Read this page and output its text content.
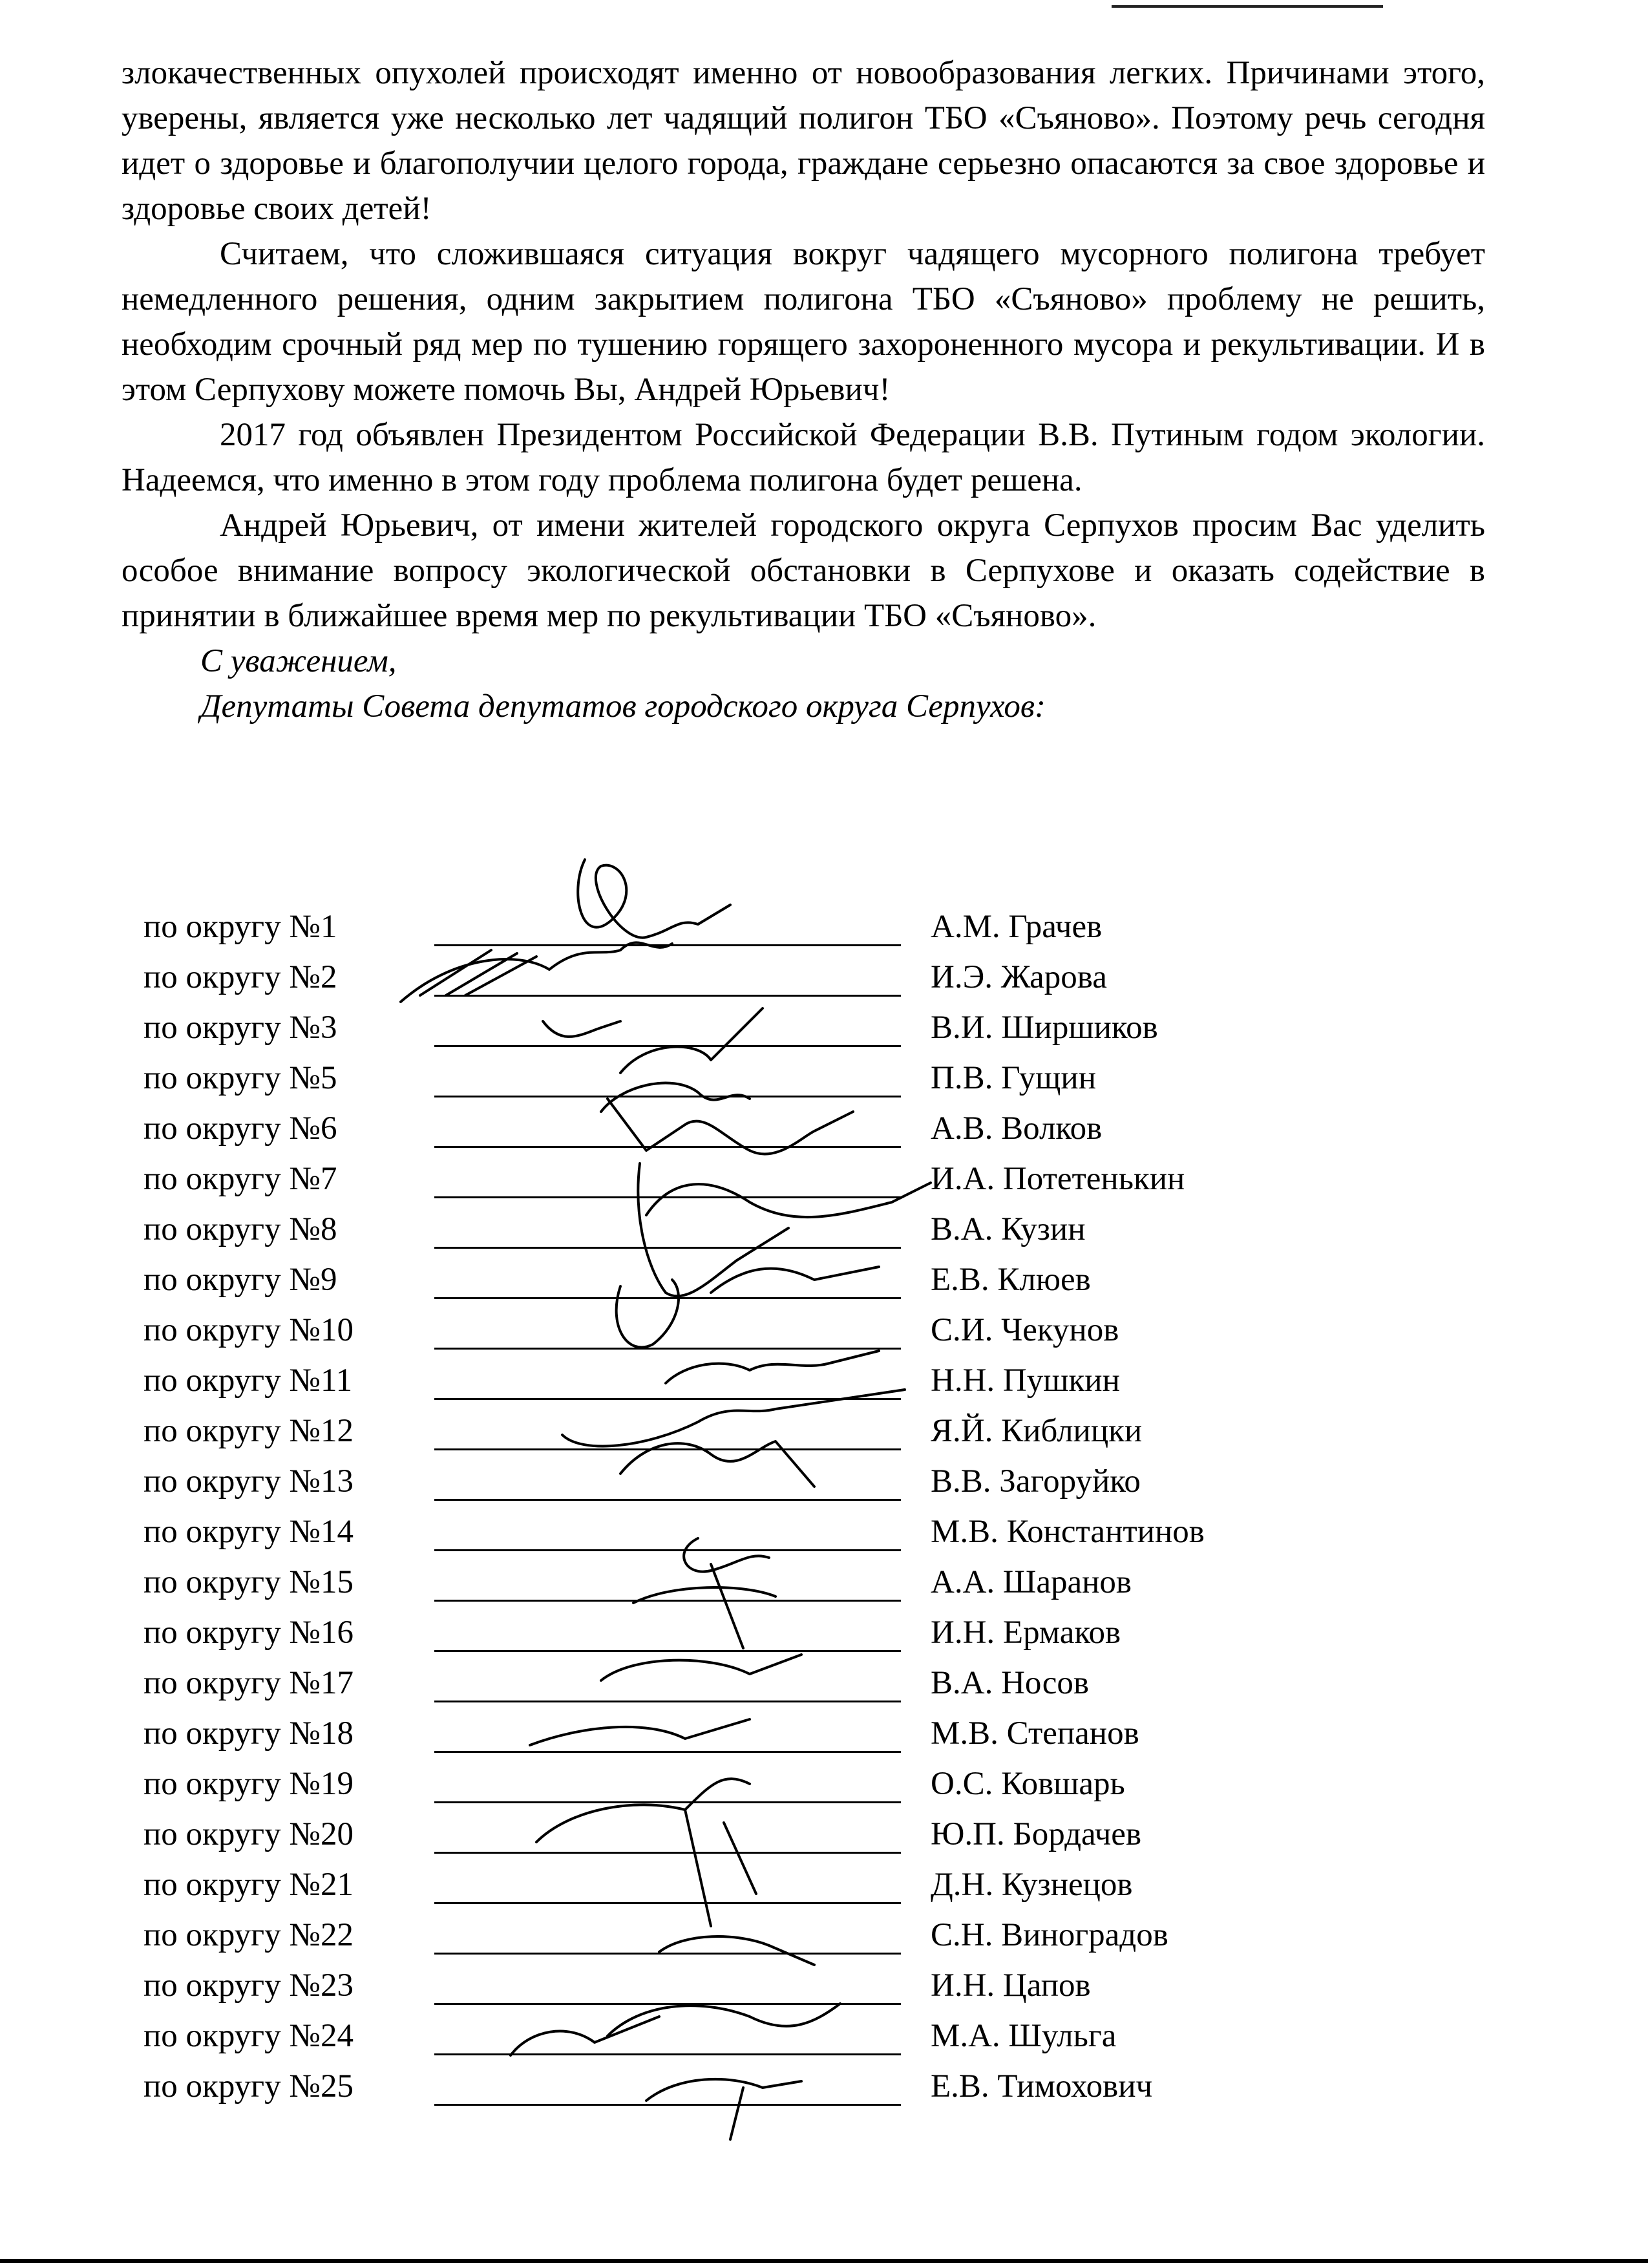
злокачественных опухолей происходят именно от новообразования легких. Причинами этого, уверены, является уже несколько лет чадящий полигон ТБО «Съяново». Поэтому речь сегодня идет о здоровье и благополучии целого города, граждане серьезно опасаются за свое здоровье и здоровье своих детей!

Считаем, что сложившаяся ситуация вокруг чадящего мусорного полигона требует немедленного решения, одним закрытием полигона ТБО «Съяново» проблему не решить, необходим срочный ряд мер по тушению горящего захороненного мусора и рекультивации. И в этом Серпухову можете помочь Вы, Андрей Юрьевич!

2017 год объявлен Президентом Российской Федерации В.В. Путиным годом экологии. Надеемся, что именно в этом году проблема полигона будет решена.

Андрей Юрьевич, от имени жителей городского округа Серпухов просим Вас уделить особое внимание вопросу экологической обстановки в Серпухове и оказать содействие в принятии в ближайшее время мер по рекультивации ТБО «Съяново».

С уважением,

Депутаты Совета депутатов городского округа Серпухов:

по округу №1	А.М. Грачев
по округу №2	И.Э. Жарова
по округу №3	В.И. Ширшиков
по округу №5	П.В. Гущин
по округу №6	А.В. Волков
по округу №7	И.А. Потетенькин
по округу №8	В.А. Кузин
по округу №9	Е.В. Клюев
по округу №10	С.И. Чекунов
по округу №11	Н.Н. Пушкин
по округу №12	Я.Й. Киблицки
по округу №13	В.В. Загоруйко
по округу №14	М.В. Константинов
по округу №15	А.А. Шаранов
по округу №16	И.Н. Ермаков
по округу №17	В.А. Носов
по округу №18	М.В. Степанов
по округу №19	О.С. Ковшарь
по округу №20	Ю.П. Бордачев
по округу №21	Д.Н. Кузнецов
по округу №22	С.Н. Виноградов
по округу №23	И.Н. Цапов
по округу №24	М.А. Шульга
по округу №25	Е.В. Тимохович
